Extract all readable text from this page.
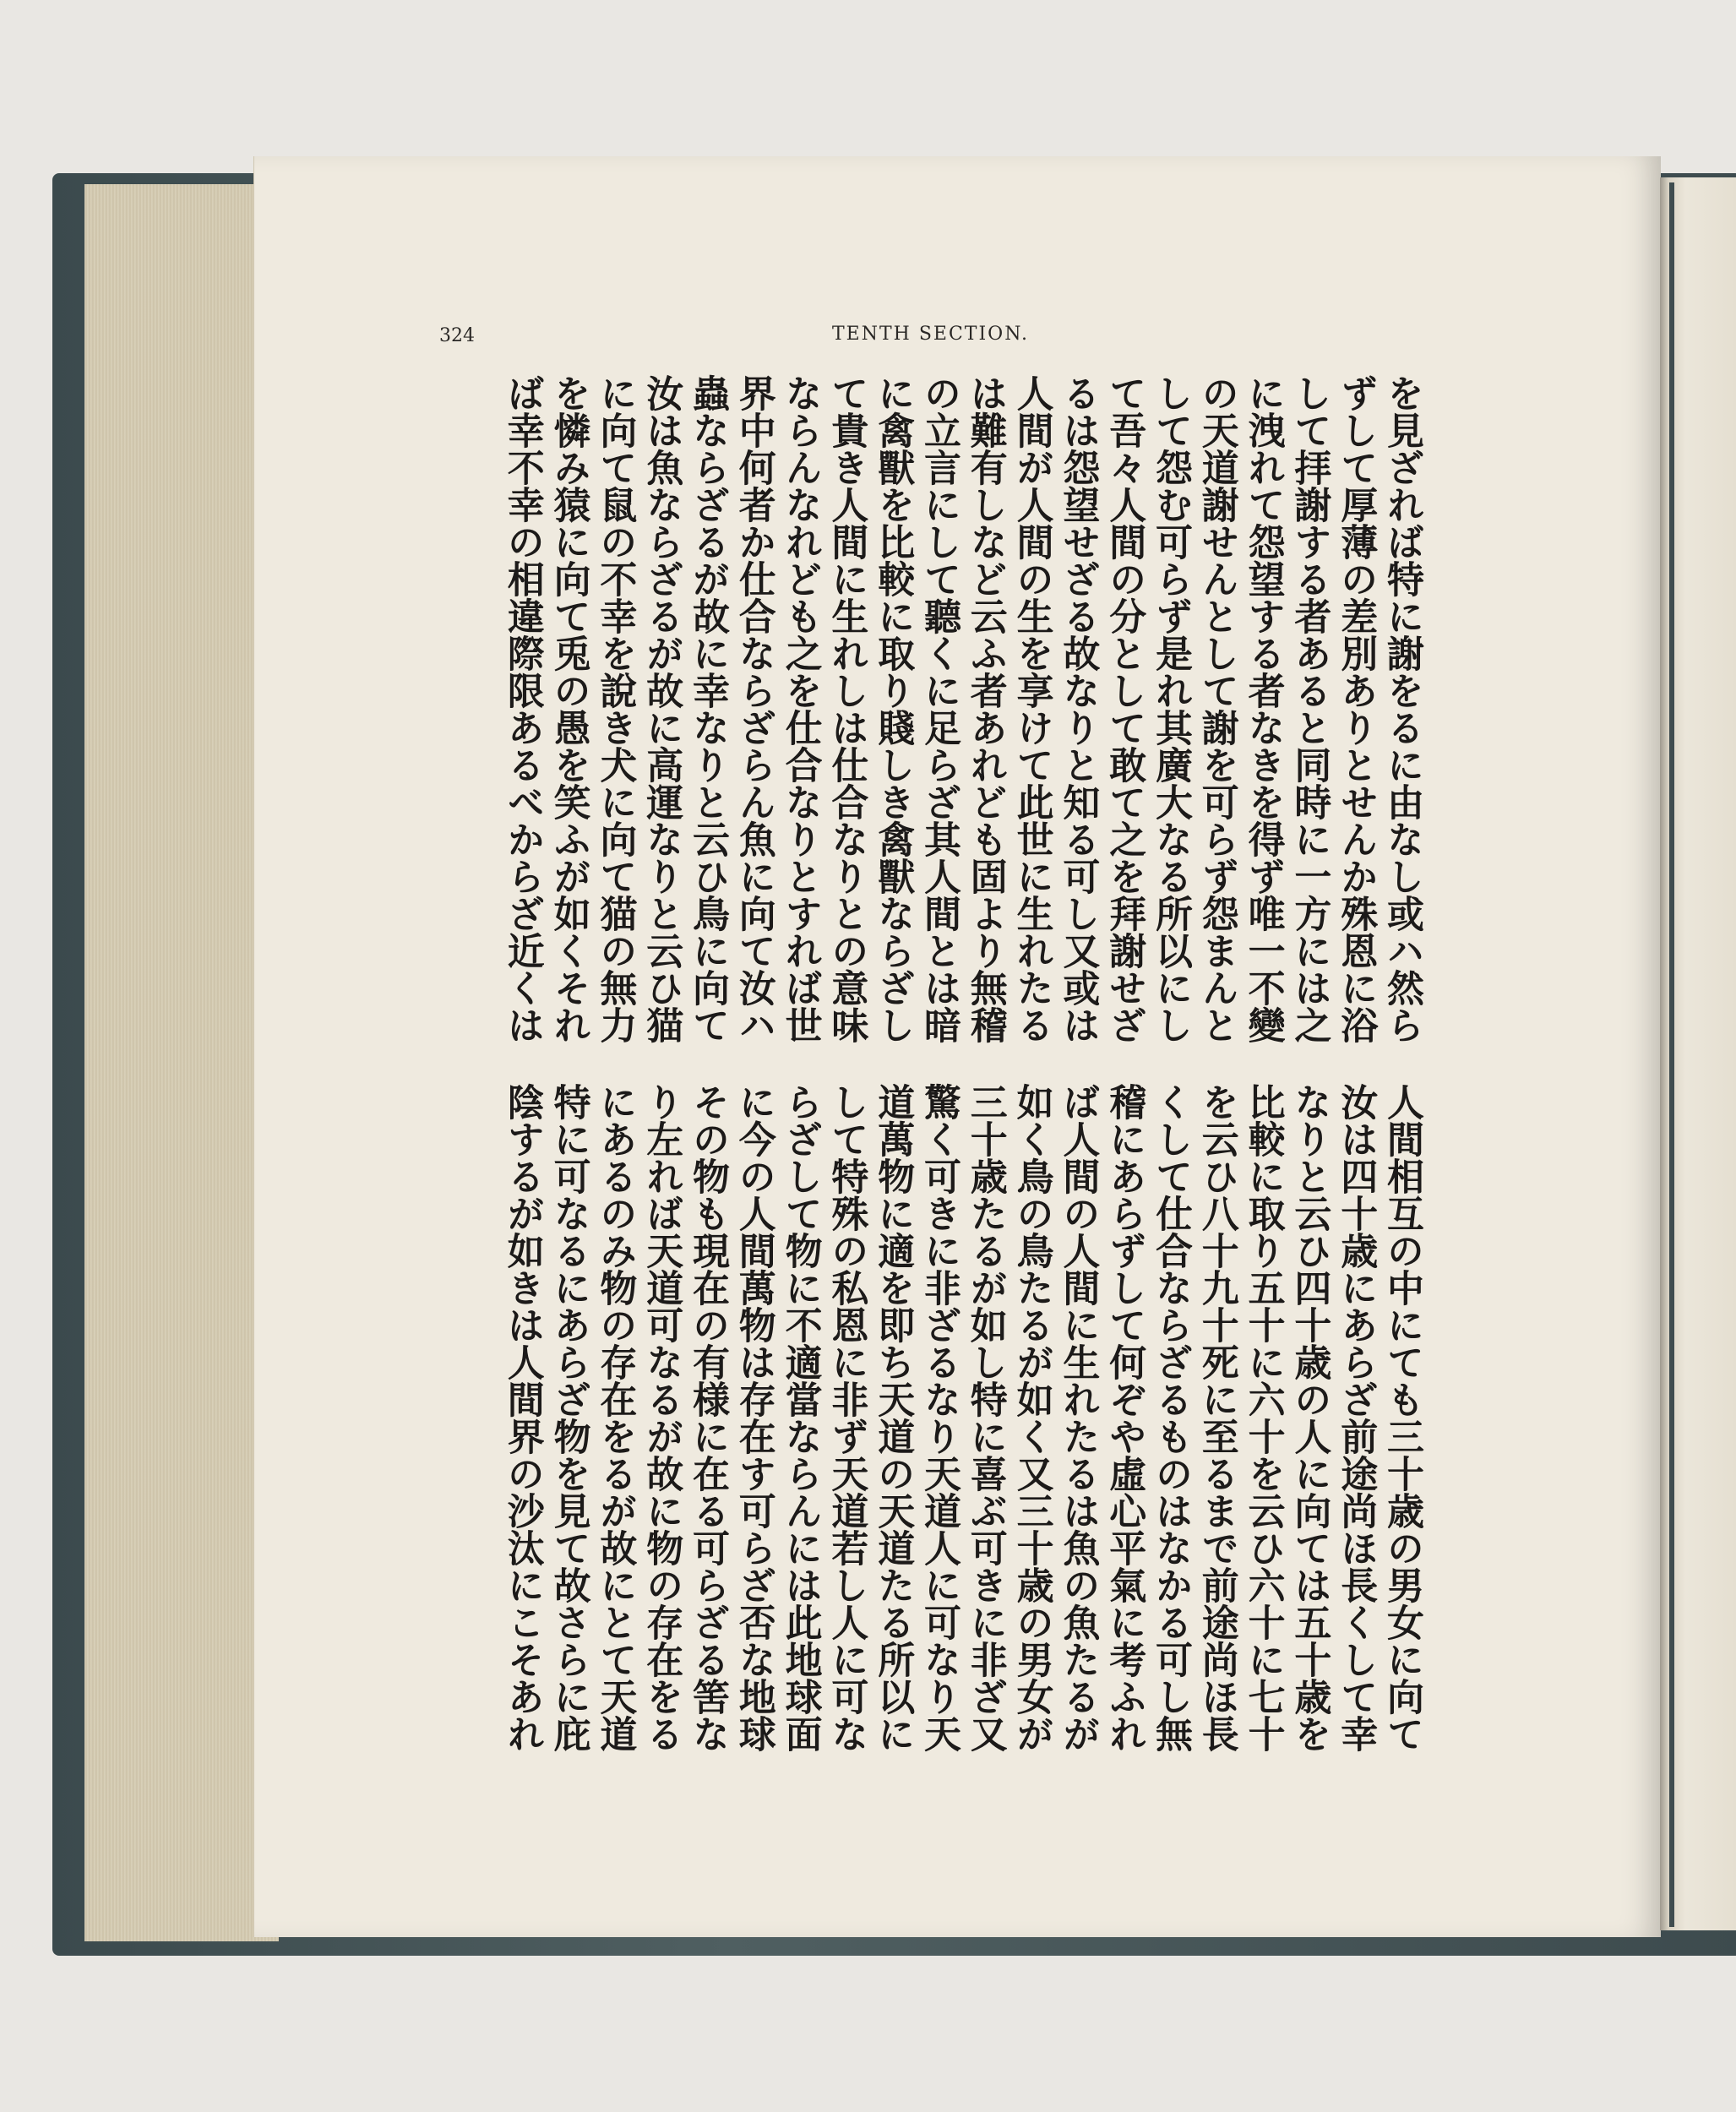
324	TENTH SECTION.
を見ざれば特に謝をるに由なし或ハ然ら
ずして厚薄の差別ありとせんか殊恩に浴
して拝謝する者あると同時に一方には之
に洩れて怨望する者なきを得ず唯一不變
の天道謝せんとして謝を可らず怨まんと
して怨む可らず是れ其廣大なる所以にし
て吾々人間の分として敢て之を拜謝せざ
るは怨望せざる故なりと知る可し又或は
人間が人間の生を享けて此世に生れたる
は難有しなど云ふ者あれども固より無稽
の立言にして聽くに足らざ其人間とは暗
に禽獸を比較に取り賤しき禽獸ならざし
て貴き人間に生れしは仕合なりとの意味
ならんなれども之を仕合なりとすれば世
界中何者か仕合ならざらん魚に向て汝ハ
蟲ならざるが故に幸なりと云ひ鳥に向て
汝は魚ならざるが故に高運なりと云ひ猫
に向て鼠の不幸を說き犬に向て猫の無力
を憐み猿に向て兎の愚を笑ふが如くそれ
ば幸不幸の相違際限あるべからざ近くは
人間相互の中にても三十歳の男女に向て
汝は四十歳にあらざ前途尚ほ長くして幸
なりと云ひ四十歳の人に向ては五十歳を
比較に取り五十に六十を云ひ六十に七十
を云ひ八十九十死に至るまで前途尚ほ長
くして仕合ならざるものはなかる可し無
稽にあらずして何ぞや虛心平氣に考ふれ
ば人間の人間に生れたるは魚の魚たるが
如く鳥の鳥たるが如く又三十歳の男女が
三十歳たるが如し特に喜ぶ可きに非ざ又
驚く可きに非ざるなり天道人に可なり天
道萬物に適を即ち天道の天道たる所以に
して特殊の私恩に非ず天道若し人に可な
らざして物に不適當ならんには此地球面
に今の人間萬物は存在す可らざ否な地球
その物も現在の有様に在る可らざる筈な
り左れば天道可なるが故に物の存在をる
にあるのみ物の存在をるが故にとて天道
特に可なるにあらざ物を見て故さらに庇
陰するが如きは人間界の沙汰にこそあれ
